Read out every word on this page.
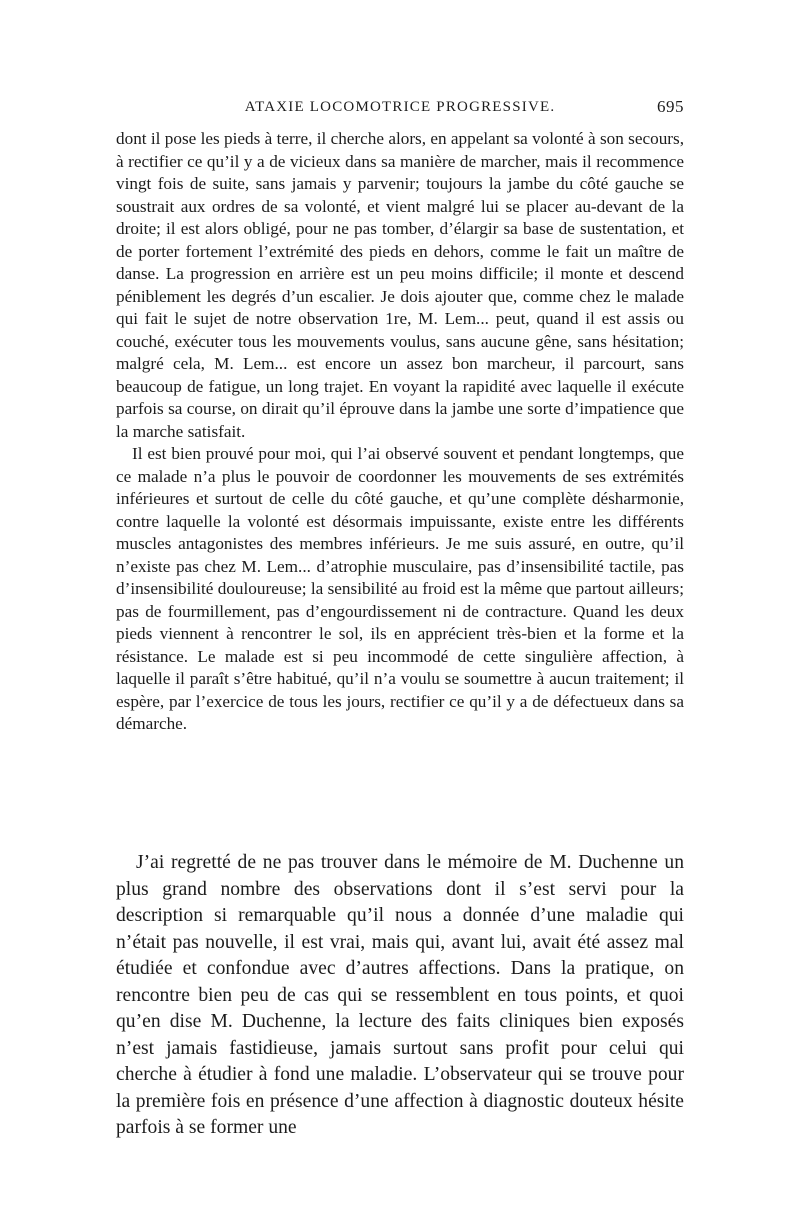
ATAXIE LOCOMOTRICE PROGRESSIVE.	695

dont il pose les pieds à terre, il cherche alors, en appelant sa volonté à son secours, à rectifier ce qu’il y a de vicieux dans sa manière de marcher, mais il recommence vingt fois de suite, sans jamais y parvenir; toujours la jambe du côté gauche se soustrait aux ordres de sa volonté, et vient malgré lui se placer au-devant de la droite; il est alors obligé, pour ne pas tomber, d’élargir sa base de sustentation, et de porter fortement l’extrémité des pieds en dehors, comme le fait un maître de danse. La progression en arrière est un peu moins difficile; il monte et descend péniblement les degrés d’un escalier. Je dois ajouter que, comme chez le malade qui fait le sujet de notre observation 1re, M. Lem... peut, quand il est assis ou couché, exécuter tous les mouvements voulus, sans aucune gêne, sans hésitation; malgré cela, M. Lem... est encore un assez bon marcheur, il parcourt, sans beaucoup de fatigue, un long trajet. En voyant la rapidité avec laquelle il exécute parfois sa course, on dirait qu’il éprouve dans la jambe une sorte d’impatience que la marche satisfait.

Il est bien prouvé pour moi, qui l’ai observé souvent et pendant longtemps, que ce malade n’a plus le pouvoir de coordonner les mouvements de ses extrémités inférieures et surtout de celle du côté gauche, et qu’une complète désharmonie, contre laquelle la volonté est désormais impuissante, existe entre les différents muscles antagonistes des membres inférieurs. Je me suis assuré, en outre, qu’il n’existe pas chez M. Lem... d’atrophie musculaire, pas d’insensibilité tactile, pas d’insensibilité douloureuse; la sensibilité au froid est la même que partout ailleurs; pas de fourmillement, pas d’engourdissement ni de contracture. Quand les deux pieds viennent à rencontrer le sol, ils en apprécient très-bien et la forme et la résistance. Le malade est si peu incommodé de cette singulière affection, à laquelle il paraît s’être habitué, qu’il n’a voulu se soumettre à aucun traitement; il espère, par l’exercice de tous les jours, rectifier ce qu’il y a de défectueux dans sa démarche.

J’ai regretté de ne pas trouver dans le mémoire de M. Duchenne un plus grand nombre des observations dont il s’est servi pour la description si remarquable qu’il nous a donnée d’une maladie qui n’était pas nouvelle, il est vrai, mais qui, avant lui, avait été assez mal étudiée et confondue avec d’autres affections. Dans la pratique, on rencontre bien peu de cas qui se ressemblent en tous points, et quoi qu’en dise M. Duchenne, la lecture des faits cliniques bien exposés n’est jamais fastidieuse, jamais surtout sans profit pour celui qui cherche à étudier à fond une maladie. L’observateur qui se trouve pour la première fois en présence d’une affection à diagnostic douteux hésite parfois à se former une
